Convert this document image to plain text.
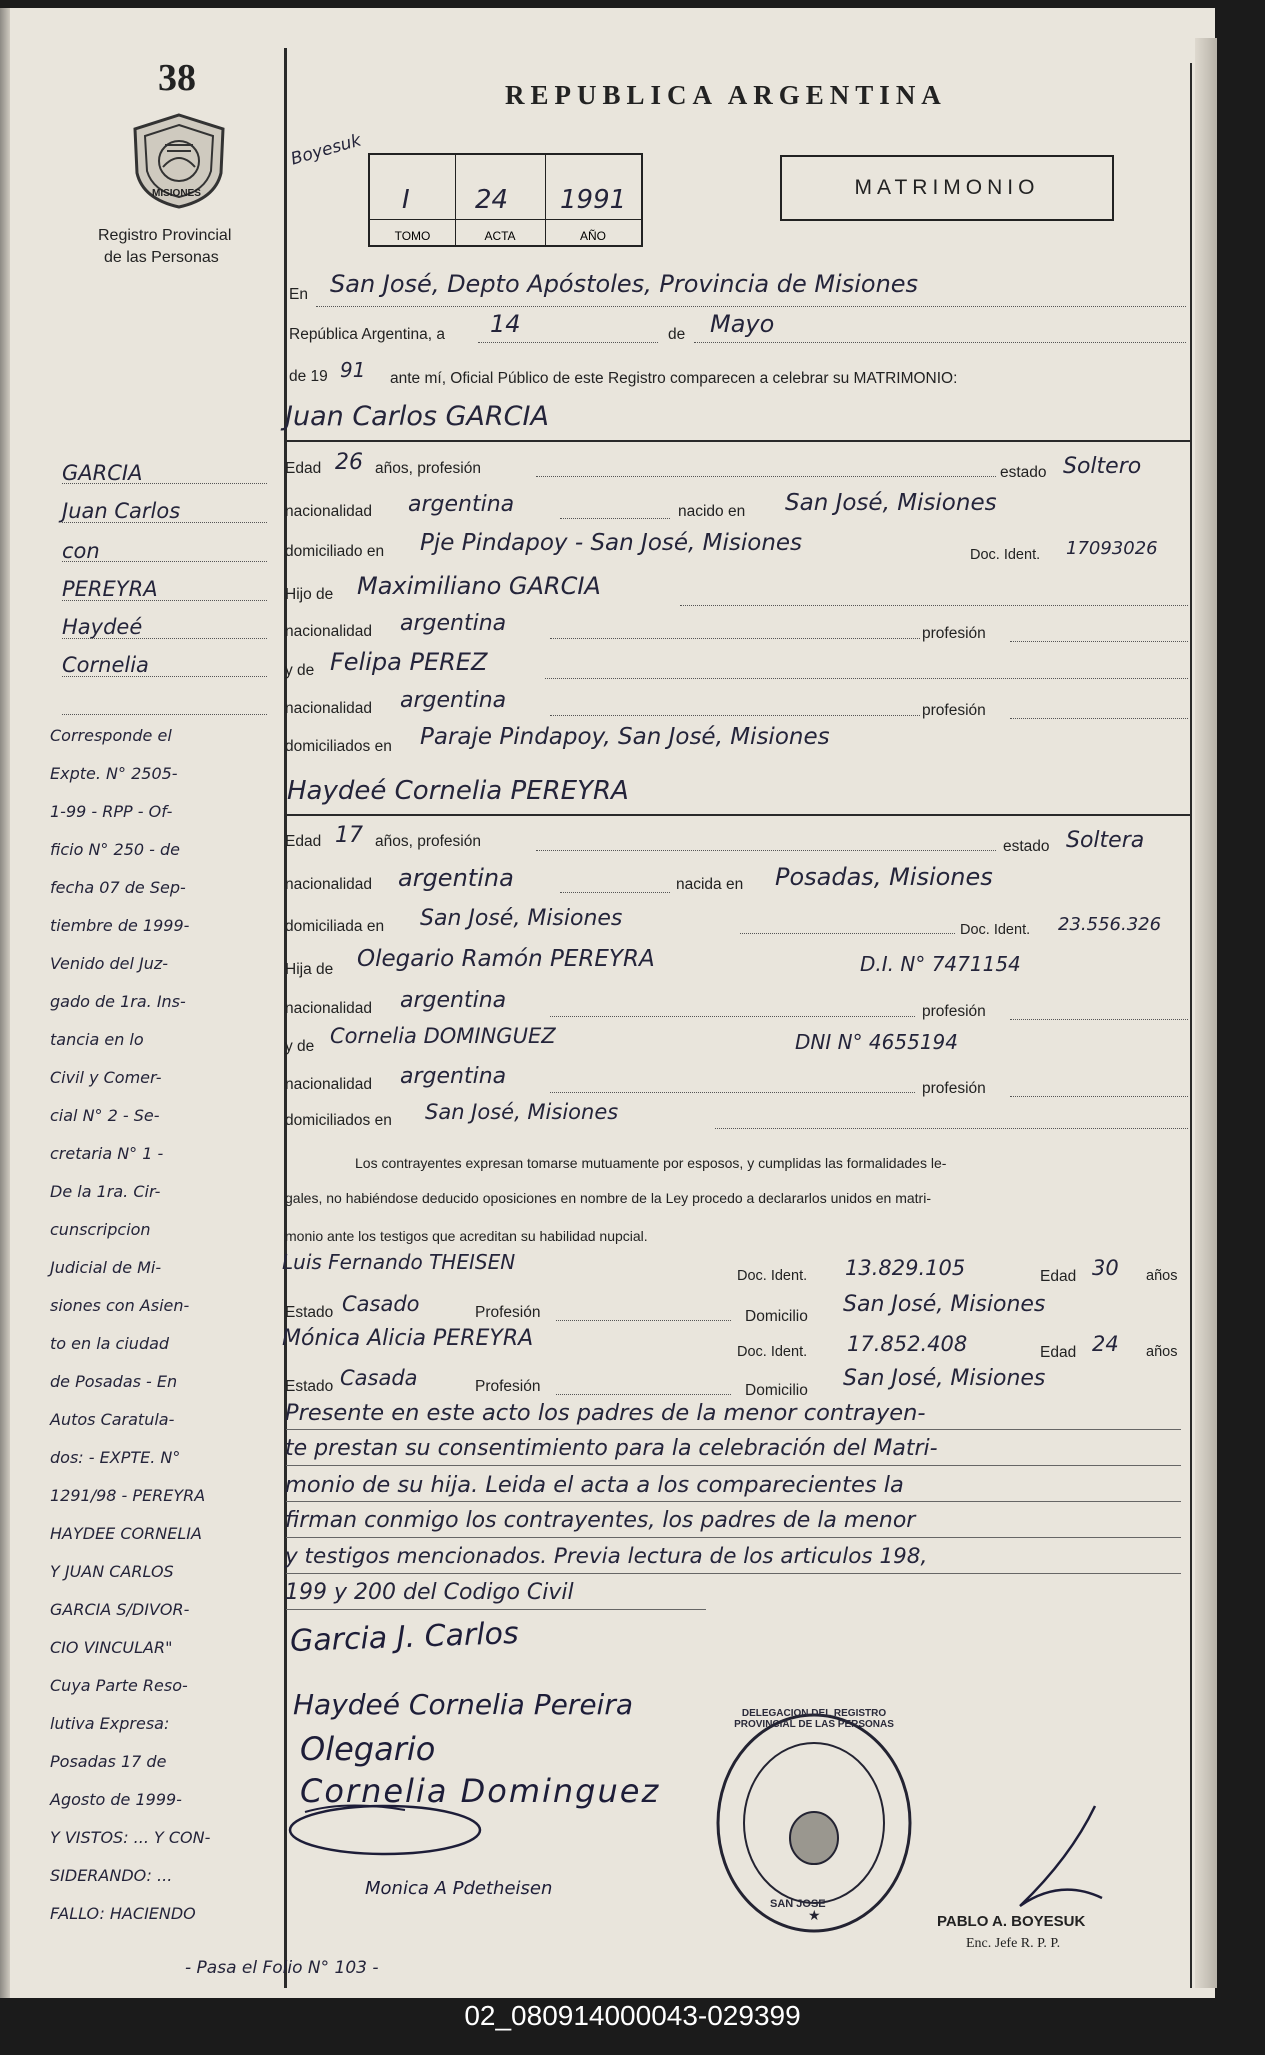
38
MISIONES
Registro Provincial
de las Personas
REPUBLICA ARGENTINA
Boyesuk
I	24 1991
TOMO	ACTA	AÑO
MATRIMONIO
En San José, Depto Apóstoles, Provincia de Misiones
República Argentina, a 14	de Mayo
de 19 91 ante mí, Oficial Público de este Registro comparecen a celebrar su MATRIMONIO:
Juan Carlos GARCIA
Edad 26 años, profesión	estado Soltero
nacionalidad argentina	nacido en San José, Misiones
domiciliado en Pje Pindapoy - San José, Misiones	Doc. Ident. 17093026
Hijo de Maximiliano GARCIA
nacionalidad argentina	profesión
y de Felipa PEREZ
nacionalidad argentina	profesión
domiciliados en Paraje Pindapoy, San José, Misiones
Haydeé Cornelia PEREYRA
Edad 17 años, profesión	estado Soltera
nacionalidad argentina	nacida en Posadas, Misiones
domiciliada en San José, Misiones	Doc. Ident. 23.556.326
Hija de Olegario Ramón PEREYRA	D.I. N° 7471154
nacionalidad argentina	profesión
y de Cornelia DOMINGUEZ	DNI N° 4655194
nacionalidad argentina	profesión
domiciliados en San José, Misiones
Los contrayentes expresan tomarse mutuamente por esposos, y cumplidas las formalidades le-
gales, no habiéndose deducido oposiciones en nombre de la Ley procedo a declararlos unidos en matri-
monio ante los testigos que acreditan su habilidad nupcial.
Luis Fernando THEISEN
Doc. Ident. 13.829.105	Edad 30 años
Estado Casado	Profesión	Domicilio San José, Misiones
Mónica Alicia PEREYRA
Doc. Ident. 17.852.408	Edad 24 años
Estado Casada	Profesión	Domicilio San José, Misiones
Presente en este acto los padres de la menor contrayen-
te prestan su consentimiento para la celebración del Matri-
monio de su hija. Leida el acta a los comparecientes la
firman conmigo los contrayentes, los padres de la menor
y testigos mencionados. Previa lectura de los articulos 198,
199 y 200 del Codigo Civil
Garcia J. Carlos
Haydeé Cornelia Pereira
Olegario
Cornelia Dominguez
Monica A Pdetheisen
★
DELEGACION DEL REGISTRO PROVINCIAL DE LAS PERSONAS
SAN JOSE
PABLO A. BOYESUK
Enc. Jefe R. P. P.
GARCIA
Juan Carlos
con
PEREYRA
Haydeé
Cornelia
Corresponde el
Expte. N° 2505-
1-99 - RPP - Of-
ficio N° 250 - de
fecha 07 de Sep-
tiembre de 1999-
Venido del Juz-
gado de 1ra. Ins-
tancia en lo
Civil y Comer-
cial N° 2 - Se-
cretaria N° 1 -
De la 1ra. Cir-
cunscripcion
Judicial de Mi-
siones con Asien-
to en la ciudad
de Posadas - En
Autos Caratula-
dos: - EXPTE. N°
1291/98 - PEREYRA
HAYDEE CORNELIA
Y JUAN CARLOS
GARCIA S/DIVOR-
CIO VINCULAR"
Cuya Parte Reso-
lutiva Expresa:
Posadas 17 de
Agosto de 1999-
Y VISTOS: ... Y CON-
SIDERANDO: ...
FALLO: HACIENDO
- Pasa el Folio N° 103 -
02_080914000043-029399
